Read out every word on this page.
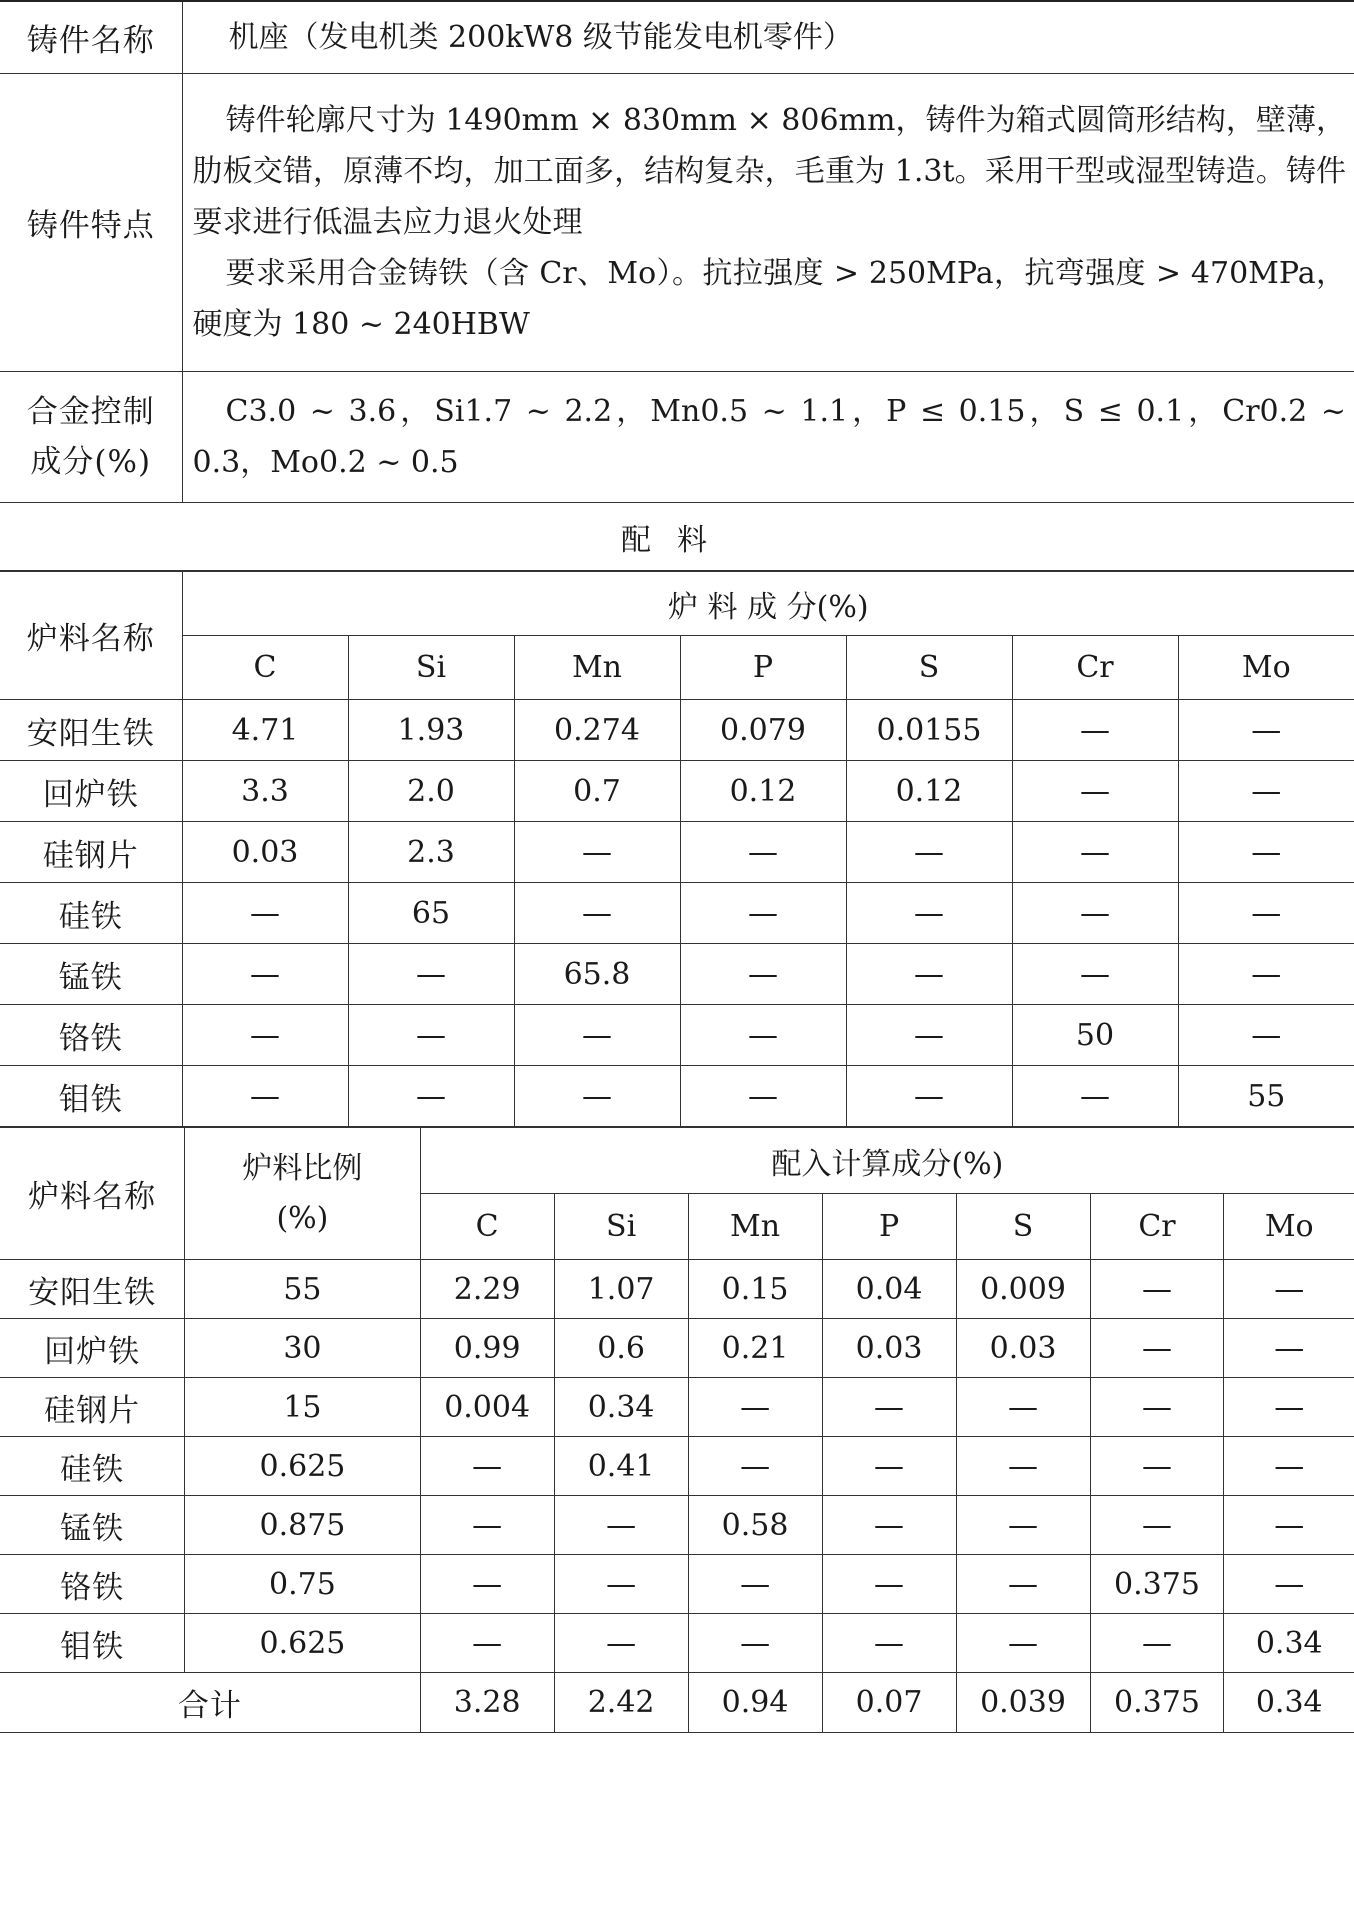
铸件名称	机座（发电机类 200kW8 级节能发电机零件）
铸件特点	铸件轮廓尺寸为 1490mm × 830mm × 806mm，铸件为箱式圆筒形结构，壁薄，肋板交错，原薄不均，加工面多，结构复杂，毛重为 1.3t。采用干型或湿型铸造。铸件要求进行低温去应力退火处理

要求采用合金铸铁（含 Cr、Mo）。抗拉强度 > 250MPa，抗弯强度 > 470MPa，硬度为 180 ~ 240HBW

合金控制成分(%)	C3.0 ~ 3.6，Si1.7 ~ 2.2，Mn0.5 ~ 1.1，P ≤ 0.15，S ≤ 0.1，Cr0.2 ~ 0.3，Mo0.2 ~ 0.5

配料	
炉料名称	炉 料 成 分(%)						
	C	Si	Mn	P	S	Cr	Mo
安阳生铁	4.71	1.93	0.274	0.079	0.0155	—	—
回炉铁	3.3	2.0	0.7	0.12	0.12	—	—
硅钢片	0.03	2.3	—	—	—	—	—
硅铁	—	65	—	—	—	—	—
锰铁	—	—	65.8	—	—	—	—
铬铁	—	—	—	—	—	50	—
钼铁	—	—	—	—	—	—	55
炉料名称	炉料比例(%)	配入计算成分(%)						
		C	Si	Mn	P	S	Cr	Mo
安阳生铁	55	2.29	1.07	0.15	0.04	0.009	—	—
回炉铁	30	0.99	0.6	0.21	0.03	0.03	—	—
硅钢片	15	0.004	0.34	—	—	—	—	—
硅铁	0.625	—	0.41	—	—	—	—	—
锰铁	0.875	—	—	0.58	—	—	—	—
铬铁	0.75	—	—	—	—	—	0.375	—
钼铁	0.625	—	—	—	—	—	—	0.34
合计		3.28	2.42	0.94	0.07	0.039	0.375	0.34
